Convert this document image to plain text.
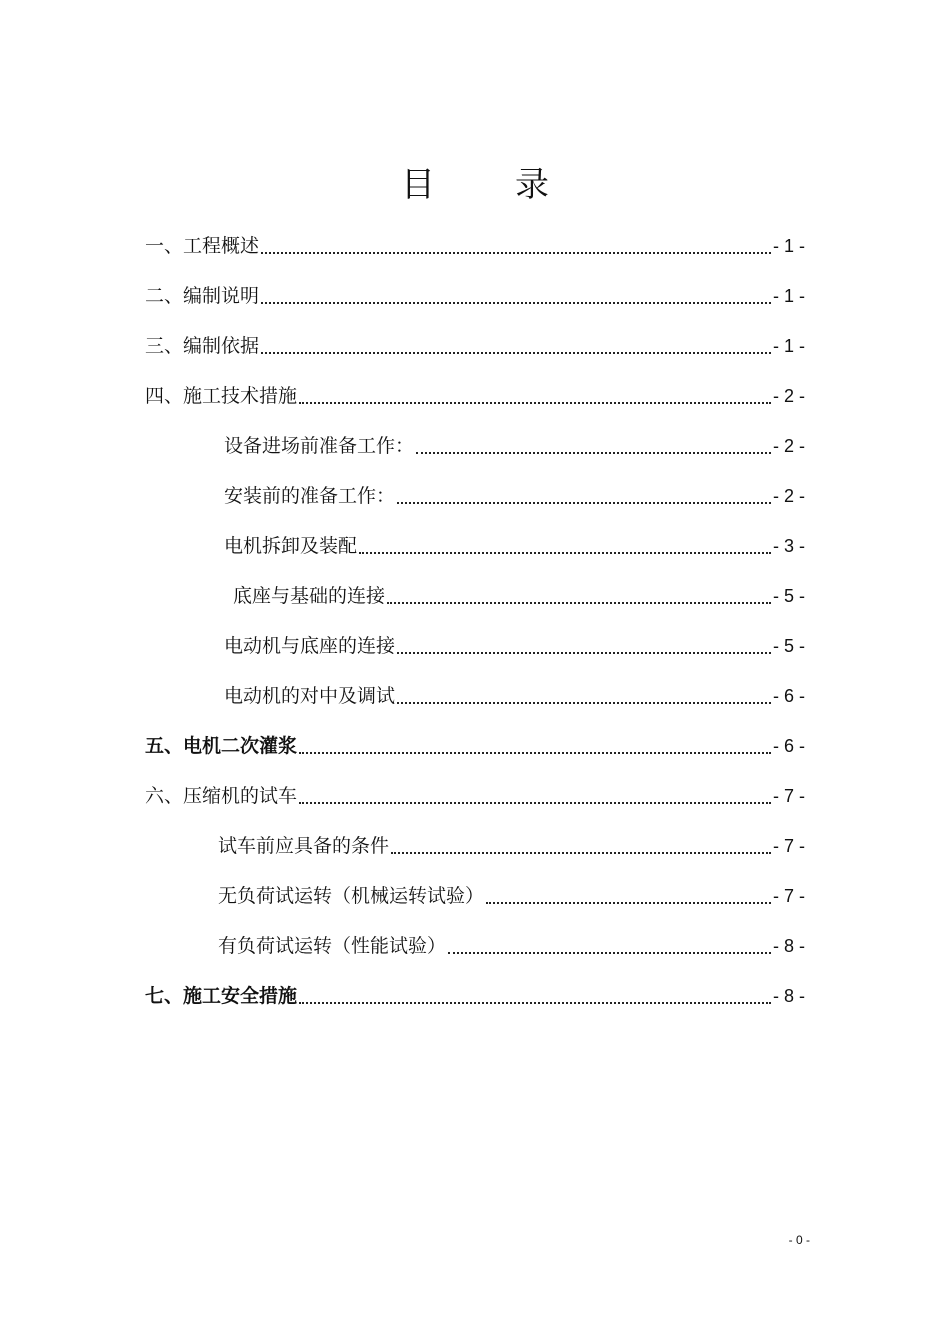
目 录
一、工程概述	- 1 -
二、编制说明	- 1 -
三、编制依据	- 1 -
四、施工技术措施	- 2 -
设备进场前准备工作：	- 2 -
安装前的准备工作：	- 2 -
电机拆卸及装配	- 3 -
底座与基础的连接	- 5 -
电动机与底座的连接	- 5 -
电动机的对中及调试	- 6 -
五、电机二次灌浆	- 6 -
六、压缩机的试车	- 7 -
试车前应具备的条件	- 7 -
无负荷试运转（机械运转试验）	- 7 -
有负荷试运转（性能试验）	- 8 -
七、施工安全措施	- 8 -
- 0 -
